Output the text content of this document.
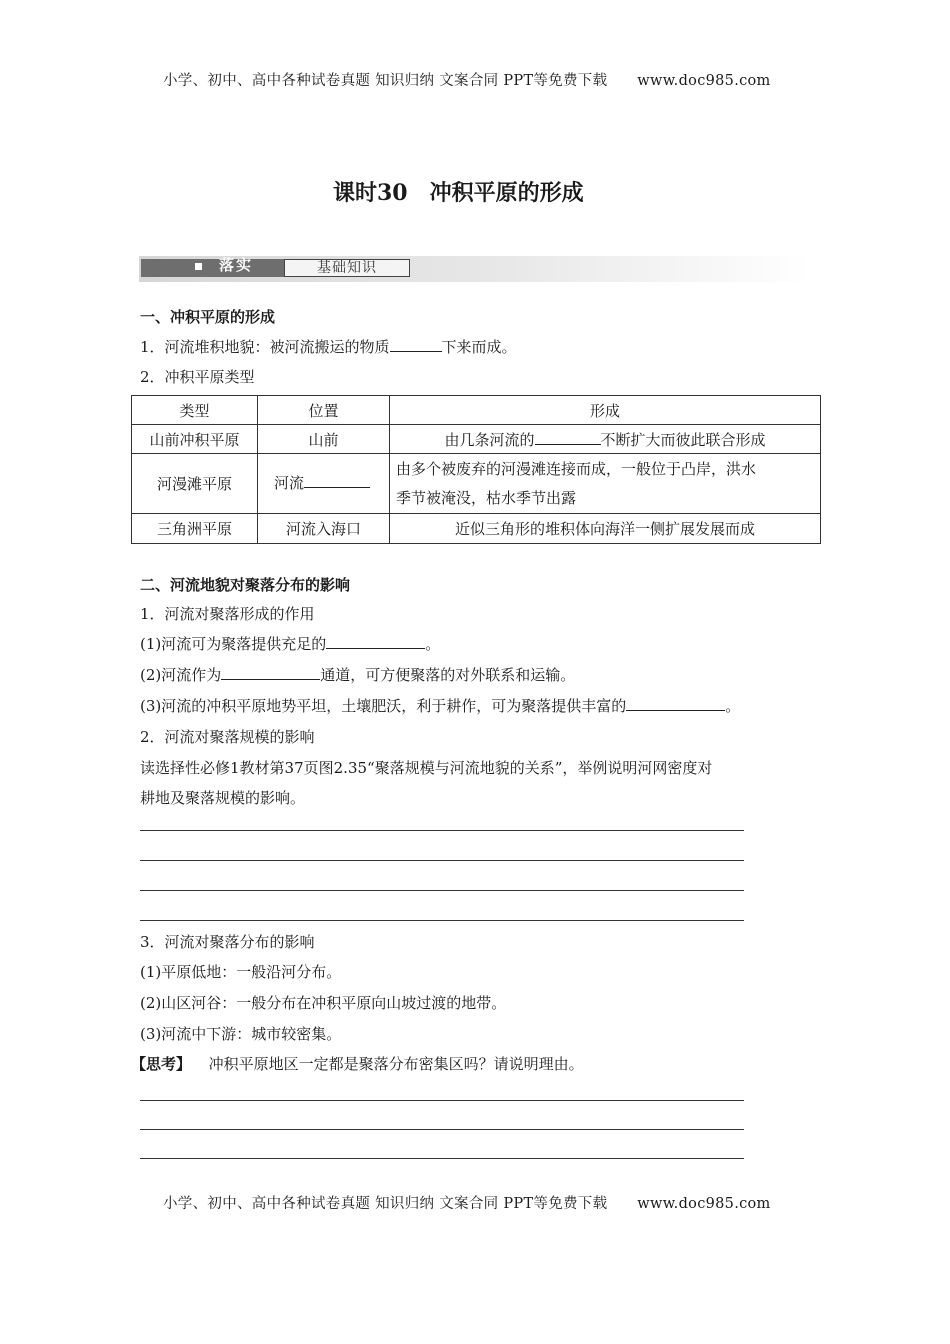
小学、初中、高中各种试卷真题 知识归纳 文案合同 PPT等免费下载 www.doc985.com
课时30　冲积平原的形成
落实	基础知识
一、冲积平原的形成
1．河流堆积地貌：被河流搬运的物质	下来而成。
2．冲积平原类型
类型	位置	形成
山前冲积平原	山前	由几条河流的 不断扩大而彼此联合形成
河漫滩平原	河流	由多个被废弃的河漫滩连接而成，一般位于凸岸，洪水
季节被淹没，枯水季节出露

三角洲平原	河流入海口	近似三角形的堆积体向海洋一侧扩展发展而成
二、河流地貌对聚落分布的影响
1．河流对聚落形成的作用
(1)河流可为聚落提供充足的	。
(2)河流作为	通道，可方便聚落的对外联系和运输。
(3)河流的冲积平原地势平坦，土壤肥沃，利于耕作，可为聚落提供丰富的	。
2．河流对聚落规模的影响
读选择性必修1教材第37页图2.35“聚落规模与河流地貌的关系”，举例说明河网密度对
耕地及聚落规模的影响。
3．河流对聚落分布的影响
(1)平原低地：一般沿河分布。
(2)山区河谷：一般分布在冲积平原向山坡过渡的地带。
(3)河流中下游：城市较密集。
【思考】 冲积平原地区一定都是聚落分布密集区吗？请说明理由。
小学、初中、高中各种试卷真题 知识归纳 文案合同 PPT等免费下载 www.doc985.com
